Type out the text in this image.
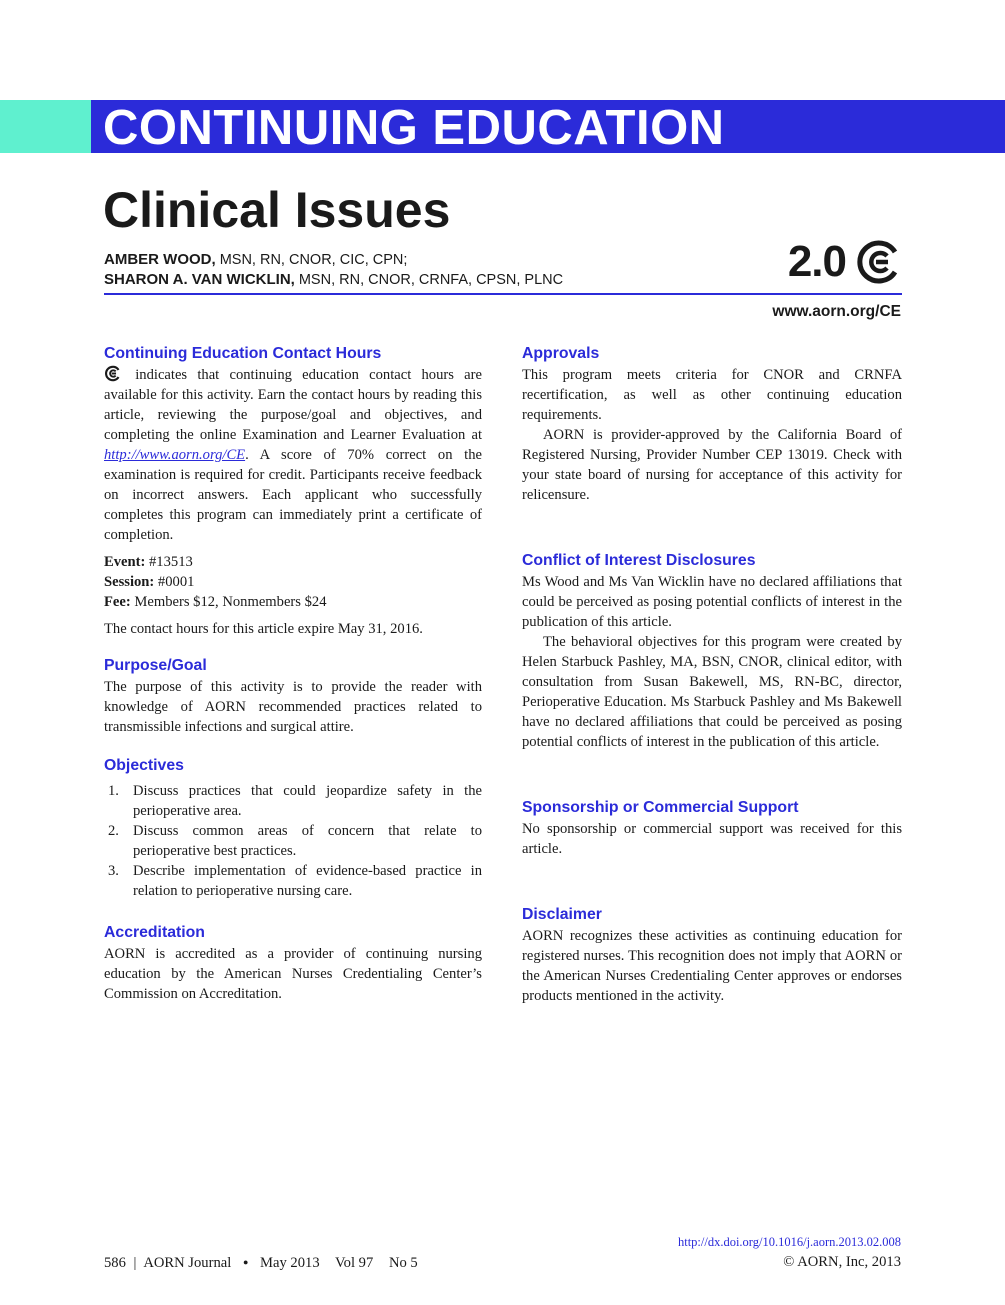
CONTINUING EDUCATION
Clinical Issues
AMBER WOOD, MSN, RN, CNOR, CIC, CPN;
SHARON A. VAN WICKLIN, MSN, RN, CNOR, CRNFA, CPSN, PLNC	2.0
www.aorn.org/CE
Continuing Education Contact Hours

indicates that continuing education contact hours are available for this activity. Earn the contact hours by reading this article, reviewing the purpose/goal and objectives, and completing the online Examination and Learner Evaluation at http://www.aorn.org/CE. A score of 70% correct on the examination is required for credit. Participants receive feedback on incorrect answers. Each applicant who successfully completes this program can immediately print a certificate of completion.

Event: #13513
Session: #0001
Fee: Members $12, Nonmembers $24

The contact hours for this article expire May 31, 2016.

Purpose/Goal

The purpose of this activity is to provide the reader with knowledge of AORN recommended practices related to transmissible infections and surgical attire.

Objectives
1. Discuss practices that could jeopardize safety in the perioperative area.
2. Discuss common areas of concern that relate to perioperative best practices.
3. Describe implementation of evidence-based practice in relation to perioperative nursing care.
Accreditation

AORN is accredited as a provider of continuing nursing education by the American Nurses Credentialing Center’s Commission on Accreditation.

Approvals

This program meets criteria for CNOR and CRNFA recertification, as well as other continuing education requirements.

AORN is provider-approved by the California Board of Registered Nursing, Provider Number CEP 13019. Check with your state board of nursing for acceptance of this activity for relicensure.

Conflict of Interest Disclosures

Ms Wood and Ms Van Wicklin have no declared affiliations that could be perceived as posing potential conflicts of interest in the publication of this article.

The behavioral objectives for this program were created by Helen Starbuck Pashley, MA, BSN, CNOR, clinical editor, with consultation from Susan Bakewell, MS, RN-BC, director, Perioperative Education. Ms Starbuck Pashley and Ms Bakewell have no declared affiliations that could be perceived as posing potential conflicts of interest in the publication of this article.

Sponsorship or Commercial Support

No sponsorship or commercial support was received for this article.

Disclaimer

AORN recognizes these activities as continuing education for registered nurses. This recognition does not imply that AORN or the American Nurses Credentialing Center approves or endorses products mentioned in the activity.

586 | AORN Journal ● May 2013 Vol 97 No 5
http://dx.doi.org/10.1016/j.aorn.2013.02.008
© AORN, Inc, 2013
